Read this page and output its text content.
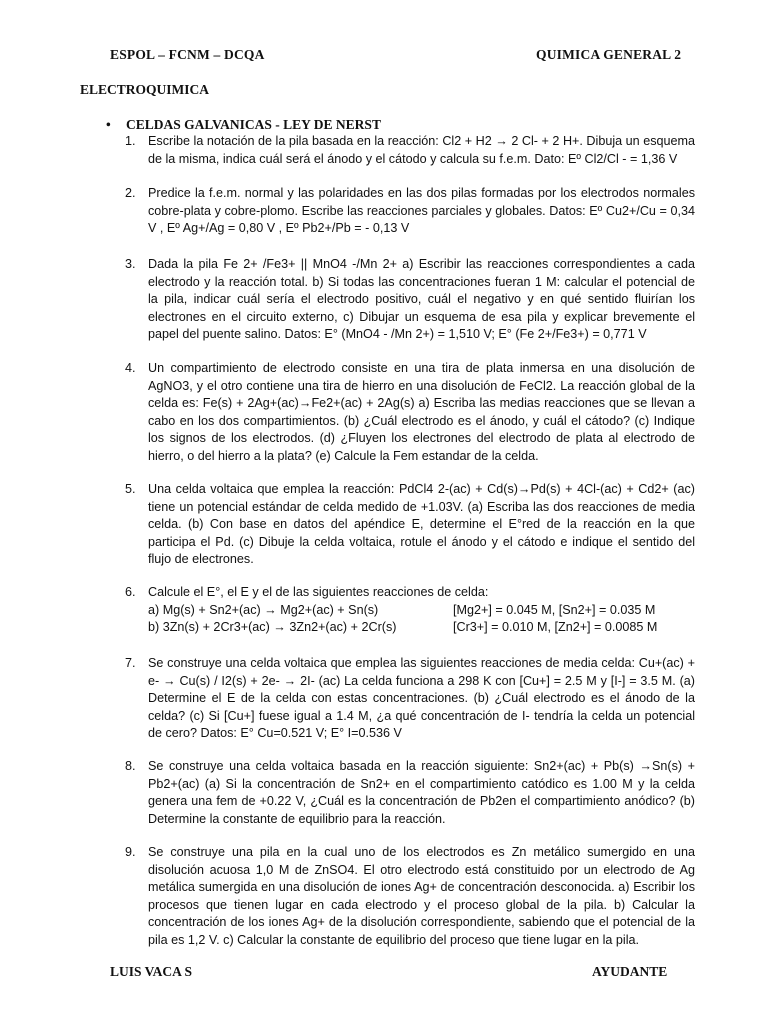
ESPOL – FCNM – DCQA	QUIMICA GENERAL 2
ELECTROQUIMICA
• CELDAS GALVANICAS - LEY DE NERST
1. Escribe la notación de la pila basada en la reacción: Cl2 + H2 → 2 Cl- + 2 H+. Dibuja un esquema de la misma, indica cuál será el ánodo y el cátodo y calcula su f.e.m. Dato: Eº Cl2/Cl - = 1,36 V
2. Predice la f.e.m. normal y las polaridades en las dos pilas formadas por los electrodos normales cobre-plata y cobre-plomo. Escribe las reacciones parciales y globales. Datos: Eº Cu2+/Cu = 0,34 V , Eº Ag+/Ag = 0,80 V , Eº Pb2+/Pb = - 0,13 V
3. Dada la pila Fe 2+ /Fe3+ || MnO4 -/Mn 2+ a) Escribir las reacciones correspondientes a cada electrodo y la reacción total. b) Si todas las concentraciones fueran 1 M: calcular el potencial de la pila, indicar cuál sería el electrodo positivo, cuál el negativo y en qué sentido fluirían los electrones en el circuito externo, c) Dibujar un esquema de esa pila y explicar brevemente el papel del puente salino. Datos: E° (MnO4 - /Mn 2+) = 1,510 V; E° (Fe 2+/Fe3+) = 0,771 V
4. Un compartimiento de electrodo consiste en una tira de plata inmersa en una disolución de AgNO3, y el otro contiene una tira de hierro en una disolución de FeCl2. La reacción global de la celda es: Fe(s) + 2Ag+(ac)→Fe2+(ac) + 2Ag(s) a) Escriba las medias reacciones que se llevan a cabo en los dos compartimientos. (b) ¿Cuál electrodo es el ánodo, y cuál el cátodo? (c) Indique los signos de los electrodos. (d) ¿Fluyen los electrones del electrodo de plata al electrodo de hierro, o del hierro a la plata? (e) Calcule la Fem estandar de la celda.
5. Una celda voltaica que emplea la reacción: PdCl4 2-(ac) + Cd(s)→Pd(s) + 4Cl-(ac) + Cd2+ (ac) tiene un potencial estándar de celda medido de +1.03V. (a) Escriba las dos reacciones de media celda. (b) Con base en datos del apéndice E, determine el E°red de la reacción en la que participa el Pd. (c) Dibuje la celda voltaica, rotule el ánodo y el cátodo e indique el sentido del flujo de electrones.
6. Calcule el E°, el E y el de las siguientes reacciones de celda:
a) Mg(s) + Sn2+(ac) → Mg2+(ac) + Sn(s)	[Mg2+] = 0.045 M, [Sn2+] = 0.035 M
b) 3Zn(s) + 2Cr3+(ac) → 3Zn2+(ac) + 2Cr(s)	[Cr3+] = 0.010 M, [Zn2+] = 0.0085 M
7. Se construye una celda voltaica que emplea las siguientes reacciones de media celda: Cu+(ac) + e- → Cu(s) / I2(s) + 2e- → 2I- (ac) La celda funciona a 298 K con [Cu+] = 2.5 M y [I-] = 3.5 M. (a) Determine el E de la celda con estas concentraciones. (b) ¿Cuál electrodo es el ánodo de la celda? (c) Si [Cu+] fuese igual a 1.4 M, ¿a qué concentración de I- tendría la celda un potencial de cero? Datos: E° Cu=0.521 V; E° I=0.536 V
8. Se construye una celda voltaica basada en la reacción siguiente: Sn2+(ac) + Pb(s) →Sn(s) + Pb2+(ac) (a) Si la concentración de Sn2+ en el compartimiento catódico es 1.00 M y la celda genera una fem de +0.22 V, ¿Cuál es la concentración de Pb2en el compartimiento anódico? (b) Determine la constante de equilibrio para la reacción.
9. Se construye una pila en la cual uno de los electrodos es Zn metálico sumergido en una disolución acuosa 1,0 M de ZnSO4. El otro electrodo está constituido por un electrodo de Ag metálica sumergida en una disolución de iones Ag+ de concentración desconocida. a) Escribir los procesos que tienen lugar en cada electrodo y el proceso global de la pila. b) Calcular la concentración de los iones Ag+ de la disolución correspondiente, sabiendo que el potencial de la pila es 1,2 V. c) Calcular la constante de equilibrio del proceso que tiene lugar en la pila.
LUIS VACA S	AYUDANTE
